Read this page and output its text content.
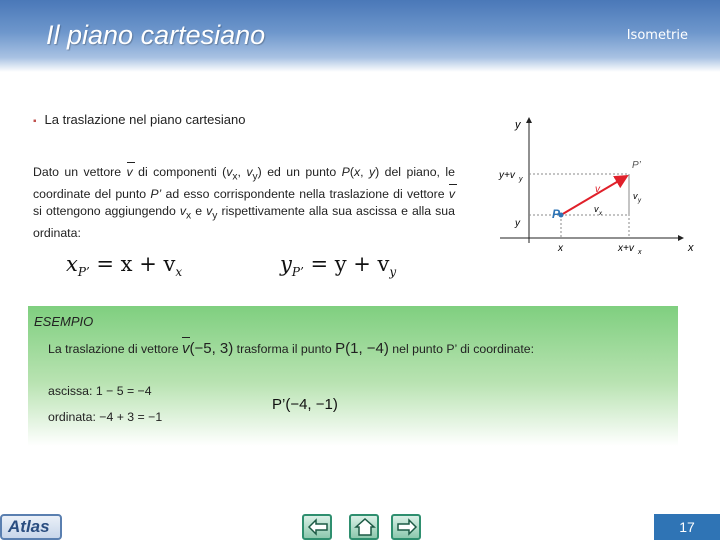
Il piano cartesiano	Isometrie
▪ La traslazione nel piano cartesiano
Dato un vettore v di componenti ($v_x$, $v_y$) ed un punto P(x, y) del piano, le coordinate del punto P’ ad esso corrispondente nella traslazione di vettore v si ottengono aggiungendo $v_x$ e $v_y$ rispettivamente alla sua ascissa e alla sua ordinata:
$x_{P’} = x + v_x$	$y_{P’} = y + v_y$
y
x
y+v y
y
x	x+v x
P
P’
v
v x
v y
ESEMPIO
La traslazione di vettore v(−5, 3) trasforma il punto P(1, −4) nel punto P’ di coordinate:
ascissa: 1 − 5 = −4
ordinata: −4 + 3 = −1
P’(−4, −1)
Atlas	17
